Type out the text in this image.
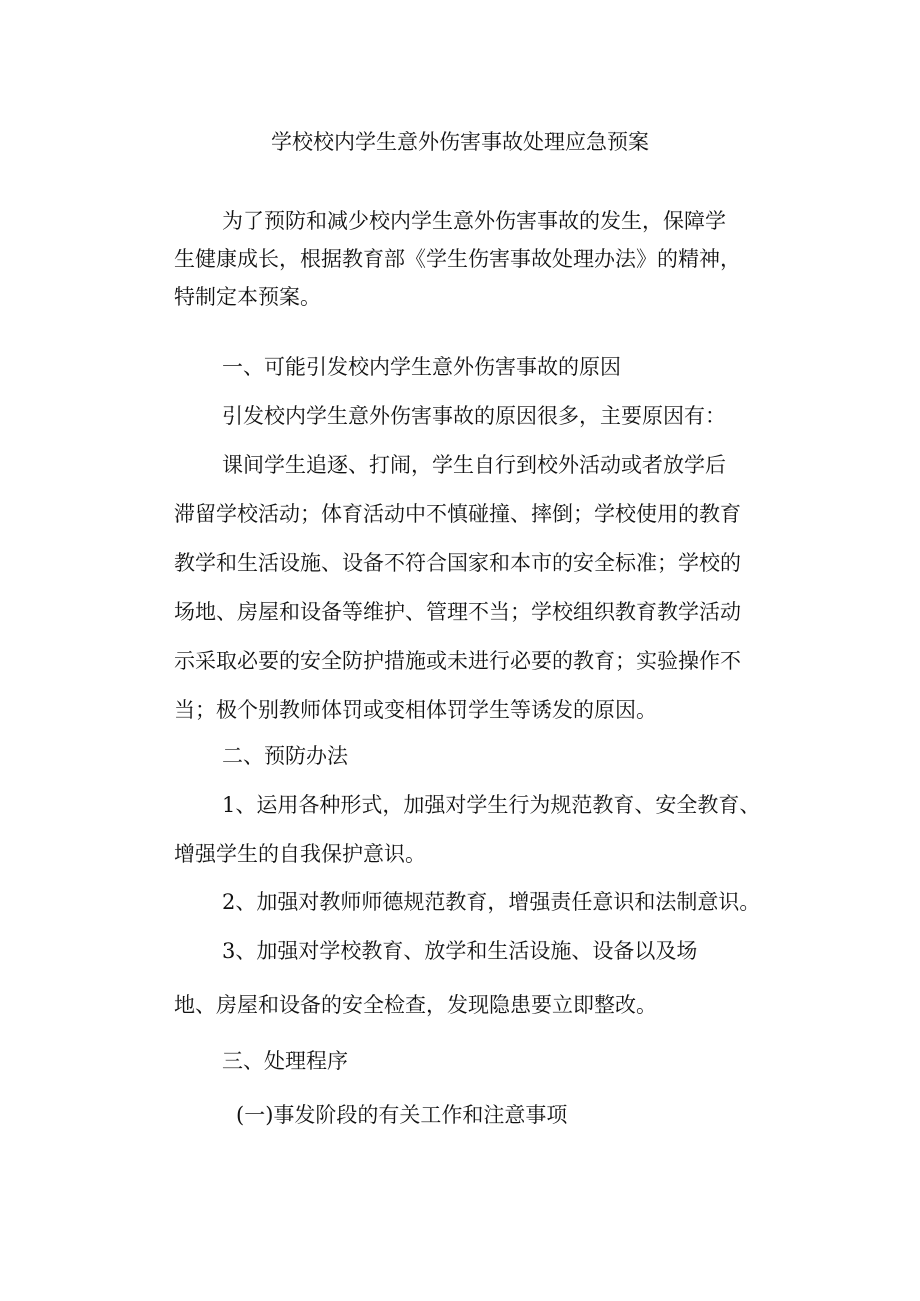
学校校内学生意外伤害事故处理应急预案
为了预防和减少校内学生意外伤害事故的发生，保障学
生健康成长，根据教育部《学生伤害事故处理办法》的精神，
特制定本预案。
一、可能引发校内学生意外伤害事故的原因
引发校内学生意外伤害事故的原因很多，主要原因有：
课间学生追逐、打闹，学生自行到校外活动或者放学后
滞留学校活动；体育活动中不慎碰撞、摔倒；学校使用的教育
教学和生活设施、设备不符合国家和本市的安全标准；学校的
场地、房屋和设备等维护、管理不当；学校组织教育教学活动
示采取必要的安全防护措施或未进行必要的教育；实验操作不
当；极个别教师体罚或变相体罚学生等诱发的原因。
二、预防办法
1、运用各种形式，加强对学生行为规范教育、安全教育、
增强学生的自我保护意识。
2、加强对教师师德规范教育，增强责任意识和法制意识。
3、加强对学校教育、放学和生活设施、设备以及场
地、房屋和设备的安全检查，发现隐患要立即整改。
三、处理程序
(一)事发阶段的有关工作和注意事项
